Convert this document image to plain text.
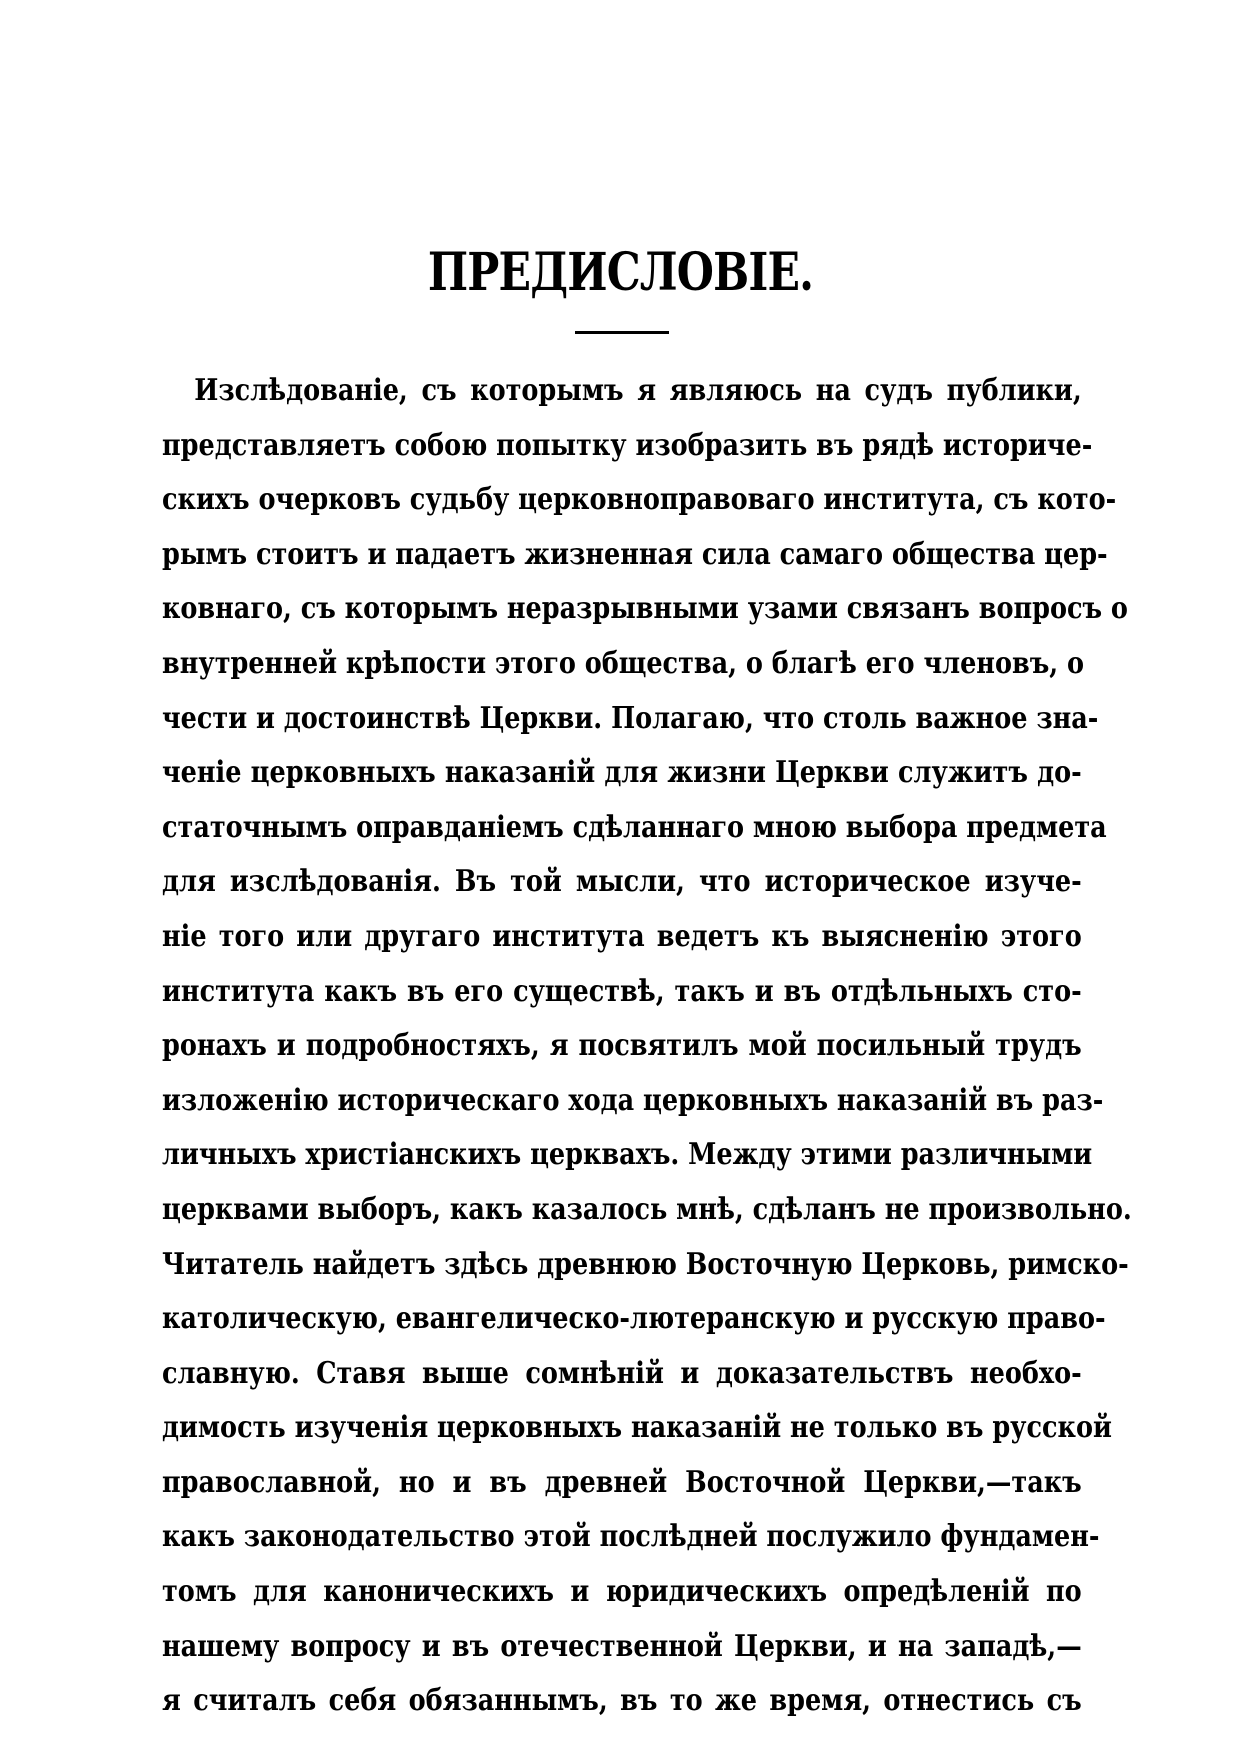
ПРЕДИСЛОВІЕ.
Изслѣдованіе, съ которымъ я являюсь на судъ публики,
представляетъ собою попытку изобразить въ рядѣ историче-
скихъ очерковъ судьбу церковноправоваго института, съ кото-
рымъ стоитъ и падаетъ жизненная сила самаго общества цер-
ковнаго, съ которымъ неразрывными узами связанъ вопросъ о
внутренней крѣпости этого общества, о благѣ его членовъ, о
чести и достоинствѣ Церкви. Полагаю, что столь важное зна-
ченіе церковныхъ наказаній для жизни Церкви служитъ до-
статочнымъ оправданіемъ сдѣланнаго мною выбора предмета
для изслѣдованія. Въ той мысли, что историческое изуче-
ніе того или другаго института ведетъ къ выясненію этого
института какъ въ его существѣ, такъ и въ отдѣльныхъ сто-
ронахъ и подробностяхъ, я посвятилъ мой посильный трудъ
изложенію историческаго хода церковныхъ наказаній въ раз-
личныхъ христіанскихъ церквахъ. Между этими различными
церквами выборъ, какъ казалось мнѣ, сдѣланъ не произвольно.
Читатель найдетъ здѣсь древнюю Восточную Церковь, римско-
католическую, евангелическо-лютеранскую и русскую право-
славную. Ставя выше сомнѣній и доказательствъ необхо-
димость изученія церковныхъ наказаній не только въ русской
православной, но и въ древней Восточной Церкви,—такъ
какъ законодательство этой послѣдней послужило фундамен-
томъ для каноническихъ и юридическихъ опредѣленій по
нашему вопросу и въ отечественной Церкви, и на западѣ,—
я считалъ себя обязаннымъ, въ то же время, отнестись съ
